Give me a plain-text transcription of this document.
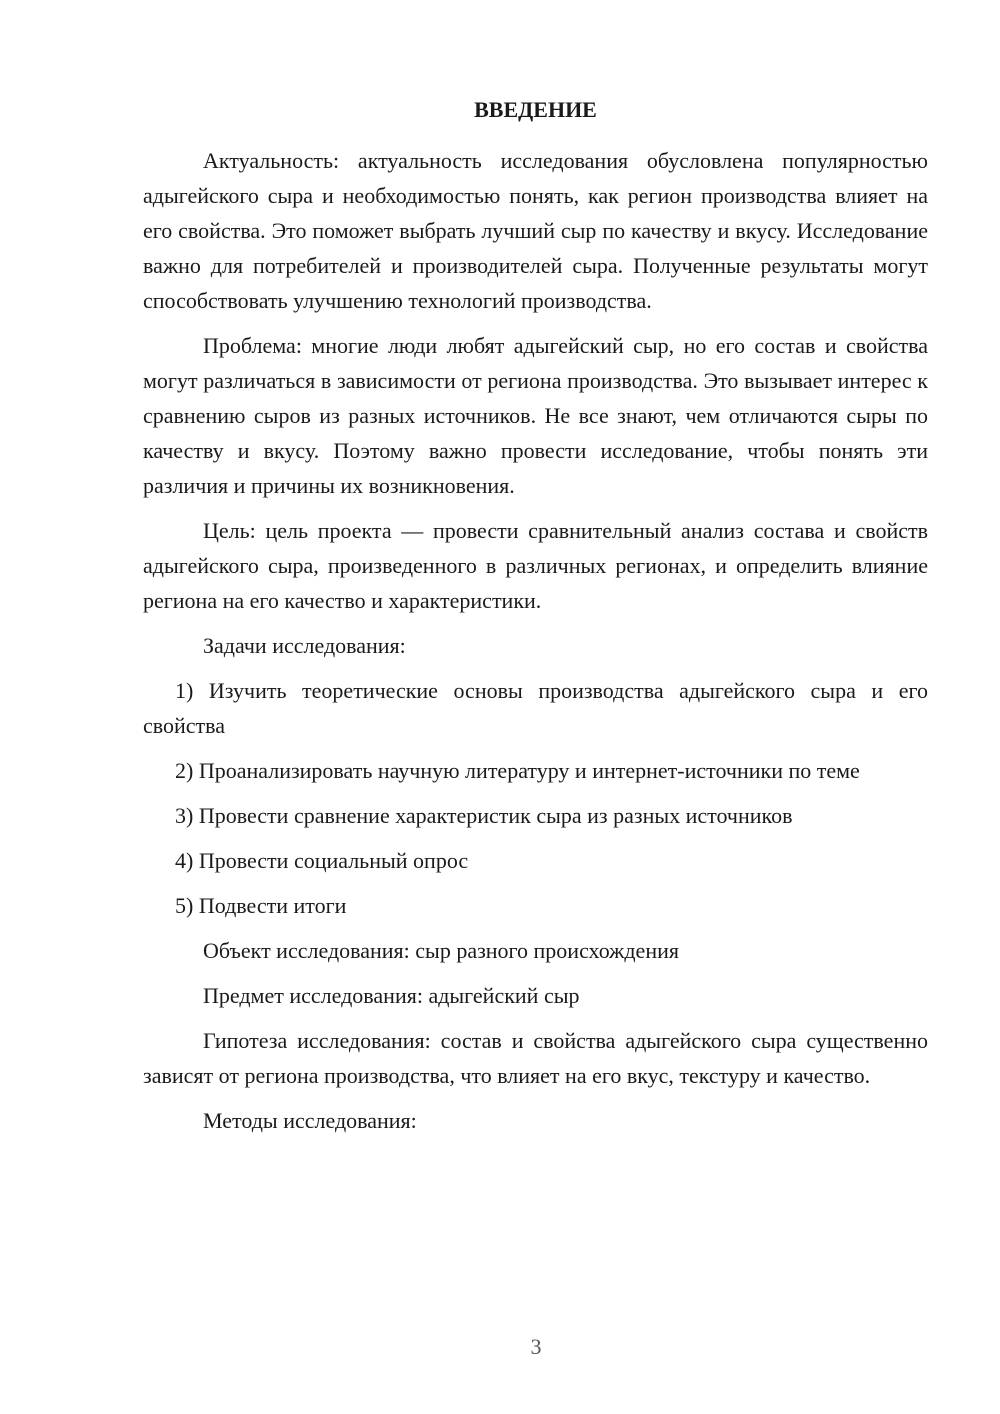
ВВЕДЕНИЕ

Актуальность: актуальность исследования обусловлена популярностью адыгейского сыра и необходимостью понять, как регион производства влияет на его свойства. Это поможет выбрать лучший сыр по качеству и вкусу. Исследование важно для потребителей и производителей сыра. Полученные результаты могут способствовать улучшению технологий производства.

Проблема: многие люди любят адыгейский сыр, но его состав и свойства могут различаться в зависимости от региона производства. Это вызывает интерес к сравнению сыров из разных источников. Не все знают, чем отличаются сыры по качеству и вкусу. Поэтому важно провести исследование, чтобы понять эти различия и причины их возникновения.

Цель: цель проекта — провести сравнительный анализ состава и свойств адыгейского сыра, произведенного в различных регионах, и определить влияние региона на его качество и характеристики.

Задачи исследования:

1) Изучить теоретические основы производства адыгейского сыра и его свойства

2) Проанализировать научную литературу и интернет-источники по теме

3) Провести сравнение характеристик сыра из разных источников

4) Провести социальный опрос

5) Подвести итоги

Объект исследования: сыр разного происхождения

Предмет исследования: адыгейский сыр

Гипотеза исследования: состав и свойства адыгейского сыра существенно зависят от региона производства, что влияет на его вкус, текстуру и качество.

Методы исследования:

3
